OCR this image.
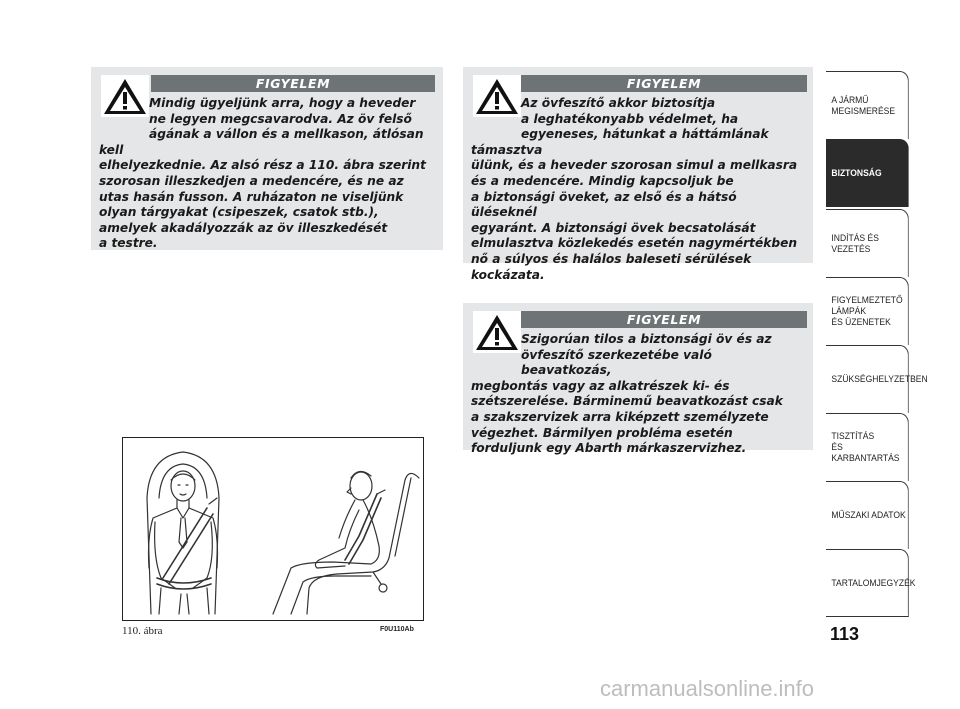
FIGYELEM

Mindig ügyeljünk arra, hogy a heveder
ne legyen megcsavarodva. Az öv felső
ágának a vállon és a mellkason, átlósan kell
elhelyezkednie. Az alsó rész a 110. ábra szerint
szorosan illeszkedjen a medencére, és ne az
utas hasán fusson. A ruházaton ne viseljünk
olyan tárgyakat (csipeszek, csatok stb.),
amelyek akadályozzák az öv illeszkedését
a testre.

FIGYELEM

Az övfeszítő akkor biztosítja
a leghatékonyabb védelmet, ha
egyeneses, hátunkat a háttámlának támasztva
ülünk, és a heveder szorosan simul a mellkasra
és a medencére. Mindig kapcsoljuk be
a biztonsági öveket, az első és a hátsó üléseknél
egyaránt. A biztonsági övek becsatolását
elmulasztva közlekedés esetén nagymértékben
nő a súlyos és halálos baleseti sérülések
kockázata.

FIGYELEM

Szigorúan tilos a biztonsági öv és az
övfeszítő szerkezetébe való beavatkozás,
megbontás vagy az alkatrészek ki- és
szétszerelése. Bárminemű beavatkozást csak
a szakszervizek arra kiképzett személyzete
végezhet. Bármilyen probléma esetén
forduljunk egy Abarth márkaszervizhez.

110. ábra	F0U110Ab
A JÁRMŰ
MEGISMERÉSE
BIZTONSÁG
INDÍTÁS ÉS VEZETÉS
FIGYELMEZTETŐ
LÁMPÁK
ÉS ÜZENETEK
SZÜKSÉGHELYZETBEN
TISZTÍTÁS
ÉS KARBANTARTÁS
MŰSZAKI ADATOK
TARTALOMJEGYZÉK
113
carmanualsonline.info
